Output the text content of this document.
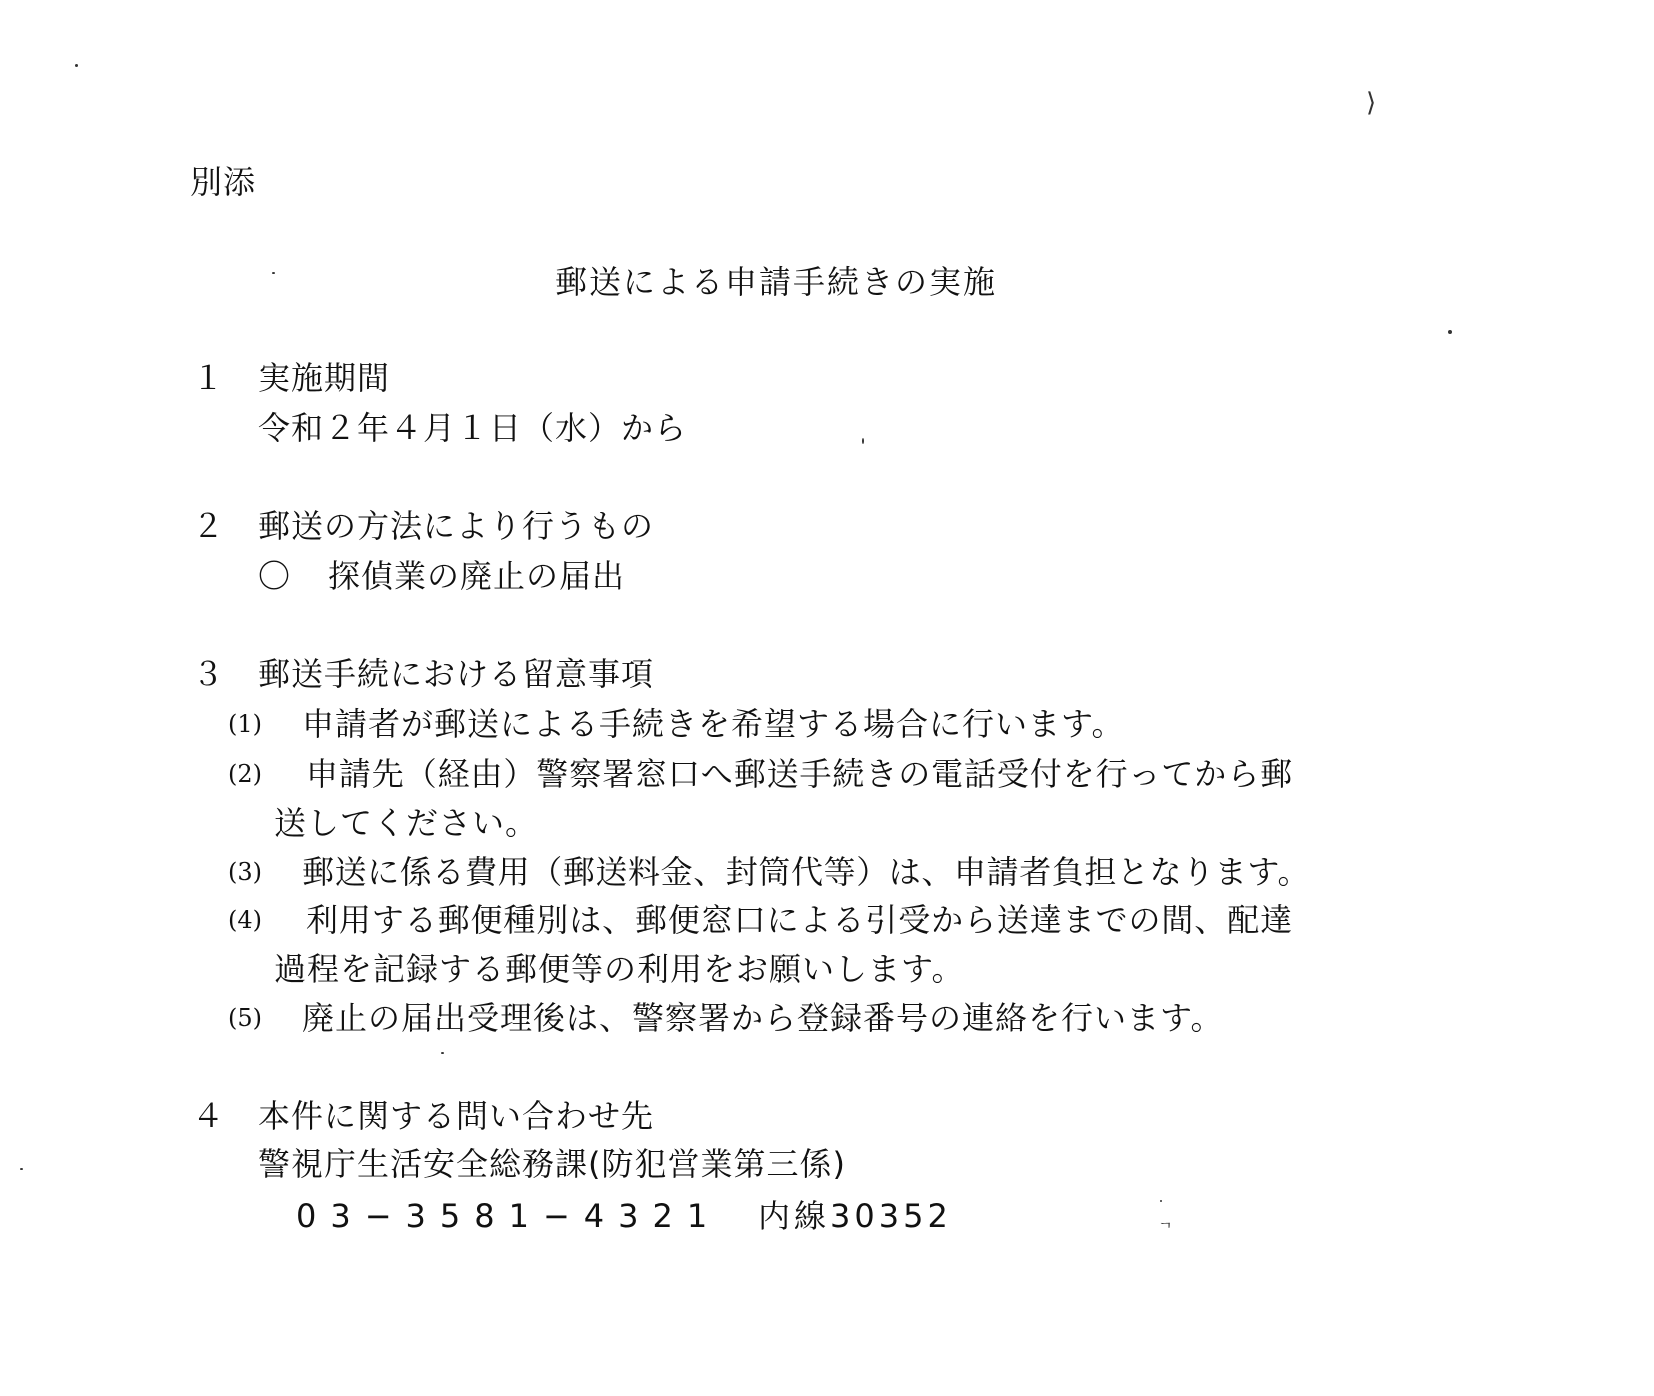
⟩
ᆨ
別添
郵送による申請手続きの実施
１ 実施期間
令和２年４月１日（水）から
２ 郵送の方法により行うもの
〇 探偵業の廃止の届出
３ 郵送手続における留意事項
(1) 申請者が郵送による手続きを希望する場合に行います。
(2) 申請先（経由）警察署窓口へ郵送手続きの電話受付を行ってから郵
送してください。
(3) 郵送に係る費用（郵送料金、封筒代等）は、申請者負担となります。
(4) 利用する郵便種別は、郵便窓口による引受から送達までの間、配達
過程を記録する郵便等の利用をお願いします。
(5) 廃止の届出受理後は、警察署から登録番号の連絡を行います。
４ 本件に関する問い合わせ先
警視庁生活安全総務課(防犯営業第三係)
03−3581−4321 内線30352
